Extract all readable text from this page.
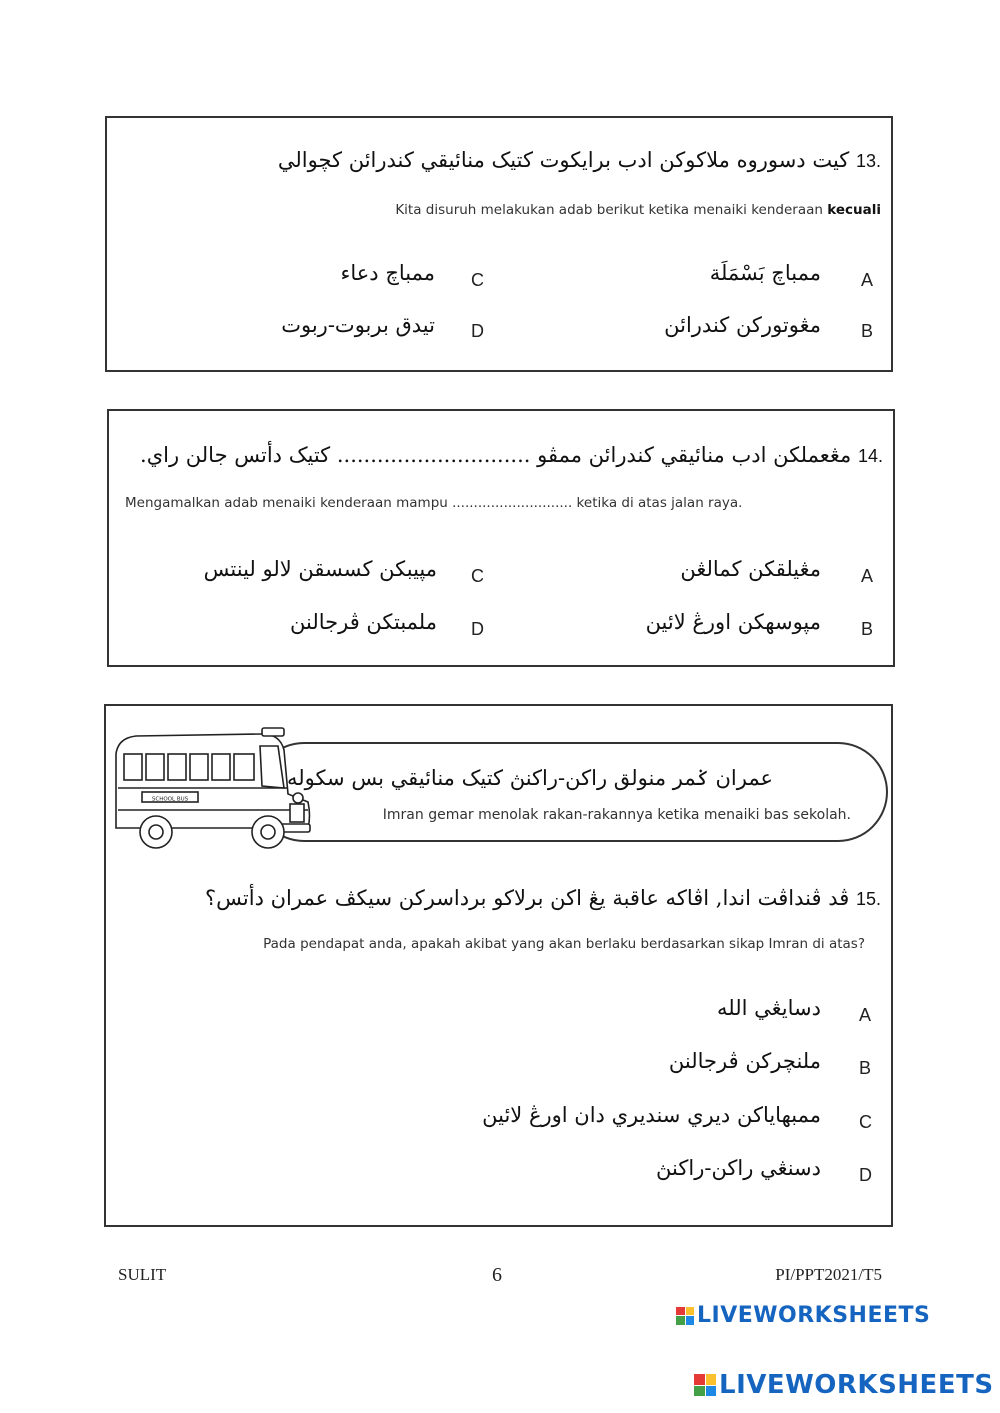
13. كيت دسوروه ملاكوكن ادب برايكوت كتيک منائيقي كندرائن كچوالي
Kita disuruh melakukan adab berikut ketika menaiki kenderaan kecuali
A
ممباچ بَسْمَلَة
B
مڠوتوركن كندرائن
C
ممباچ دعاء
D
تيدق بربوت-ربوت
14. مڠعملكن ادب منائيقي كندرائن ممڤو ............................. كتيک دأتس جالن راي.
Mengamalkan adab menaiki kenderaan mampu ............................ ketika di atas jalan raya.
A
مڠيلقكن كمالڠن
B
مپوسهكن اورڠ لائين
C
مپيبكن كسسقن لالو لينتس
D
ملمبتكن ڤرجالنن
SCHOOL BUS
عمران ݢمر منولق راكن-راكنڽ كتيک منائيقي بس سكوله
Imran gemar menolak rakan-rakannya ketika menaiki bas sekolah.
15. ڤد ڤنداڤت اندا, اڤاكه عاقبة يڠ اكن برلاكو برداسركن سيكڤ عمران دأتس؟
Pada pendapat anda, apakah akibat yang akan berlaku berdasarkan sikap Imran di atas?
A
دسايڠي الله
B
ملنچركن ڤرجالنن
C
ممبهاياكن ديري سنديري دان اورڠ لائين
D
دسنڠي راكن-راكنڽ
SULIT	6	PI/PPT2021/T5
LIVEWORKSHEETS
LIVEWORKSHEETS
